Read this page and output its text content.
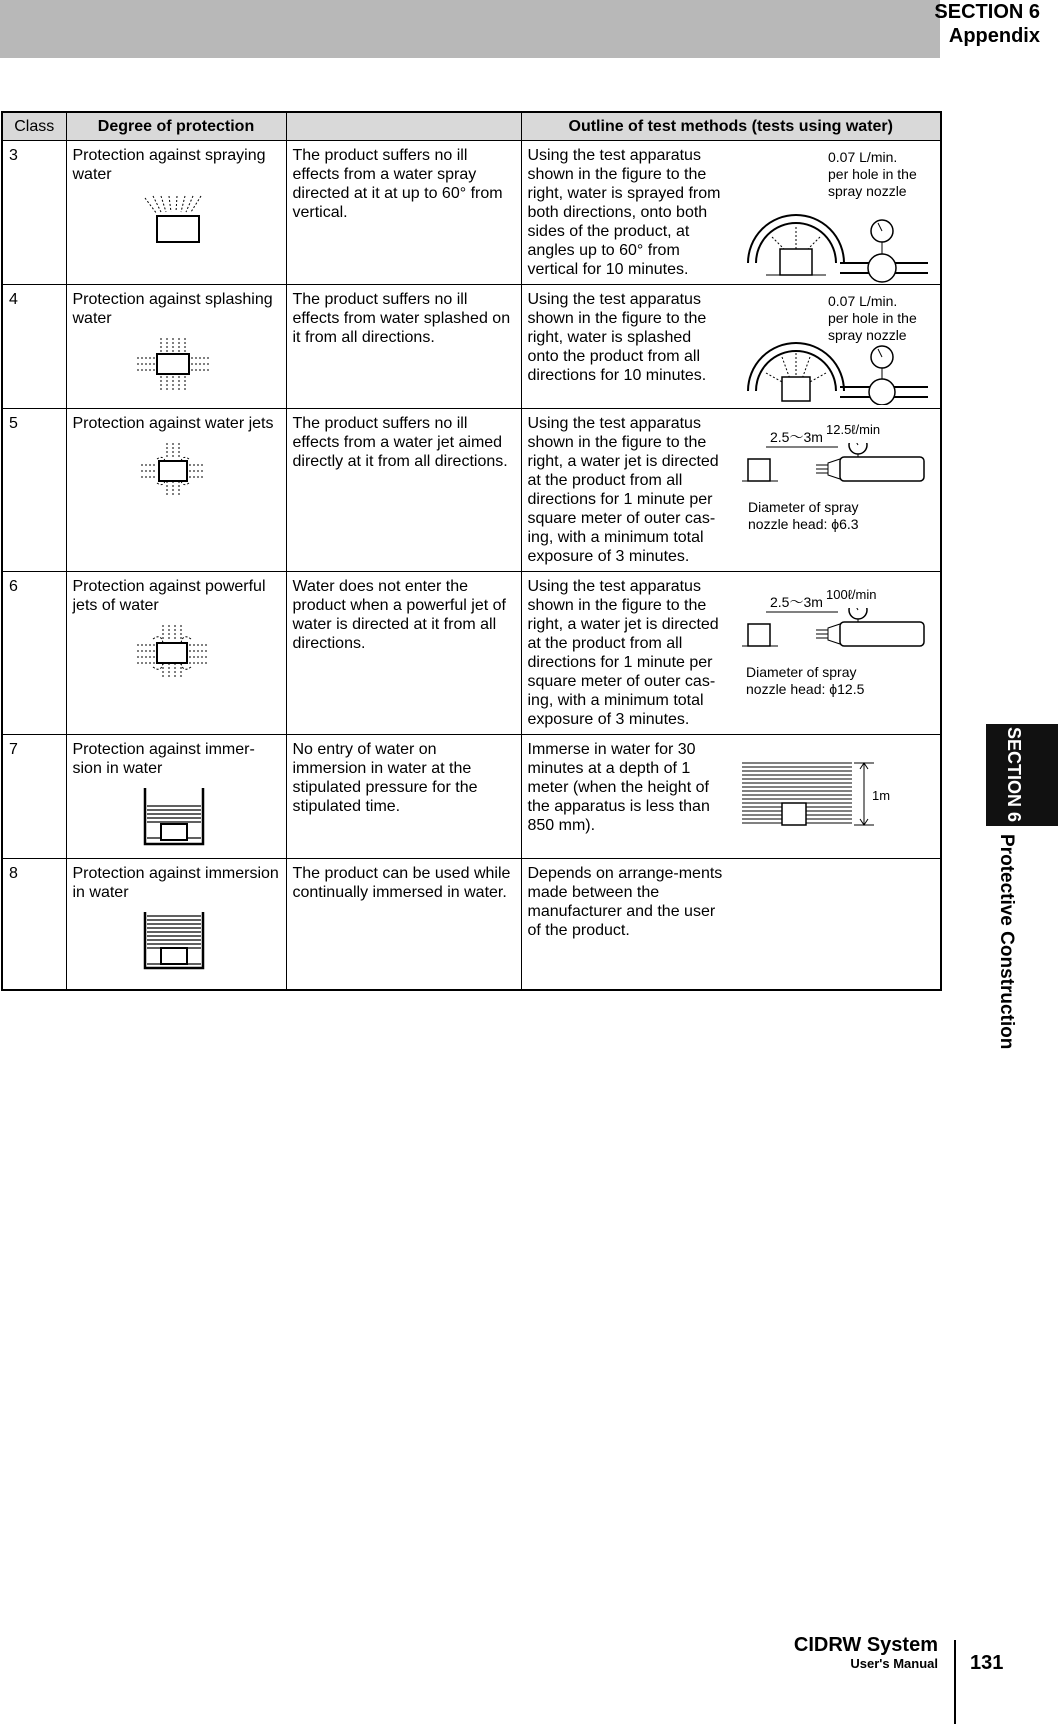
SECTION 6
Appendix
Class	Degree of protection		Outline of test methods (tests using water)
3	Protection against spraying water	The product suffers no ill effects from a water spray directed at it at up to 60° from vertical.	Using the test apparatus shown in the figure to the right, water is sprayed from both directions, onto both sides of the product, at angles up to 60° from vertical for 10 minutes.
0.07 L/min.
per hole in the
spray nozzle

4	Protection against splashing water	The product suffers no ill effects from water splashed on it from all directions.	Using the test apparatus shown in the figure to the right, water is splashed onto the product from all directions for 10 minutes.
0.07 L/min.
per hole in the
spray nozzle

5	Protection against water jets	The product suffers no ill effects from a water jet aimed directly at it from all directions.	Using the test apparatus shown in the figure to the right, a water jet is directed at the product from all directions for 1 minute per square meter of outer cas-ing, with a minimum total exposure of 3 minutes.
2.5～3m 12.5ℓ/min
Diameter of spray
nozzle head: ϕ6.3

6	Protection against powerful jets of water	Water does not enter the product when a powerful jet of water is directed at it from all directions.	Using the test apparatus shown in the figure to the right, a water jet is directed at the product from all directions for 1 minute per square meter of outer cas-ing, with a minimum total exposure of 3 minutes.
2.5～3m 100ℓ/min
Diameter of spray
nozzle head: ϕ12.5

7	Protection against immer-sion in water	No entry of water on immersion in water at the stipulated pressure for the stipulated time.	Immerse in water for 30 minutes at a depth of 1 meter (when the height of the apparatus is less than 850 mm).
1m

8	Protection against immersion in water	The product can be used while continually immersed in water.	Depends on arrange-ments made between the manufacturer and the user of the product.
SECTION 6
Protective Construction
CIDRW System
User's Manual 131
